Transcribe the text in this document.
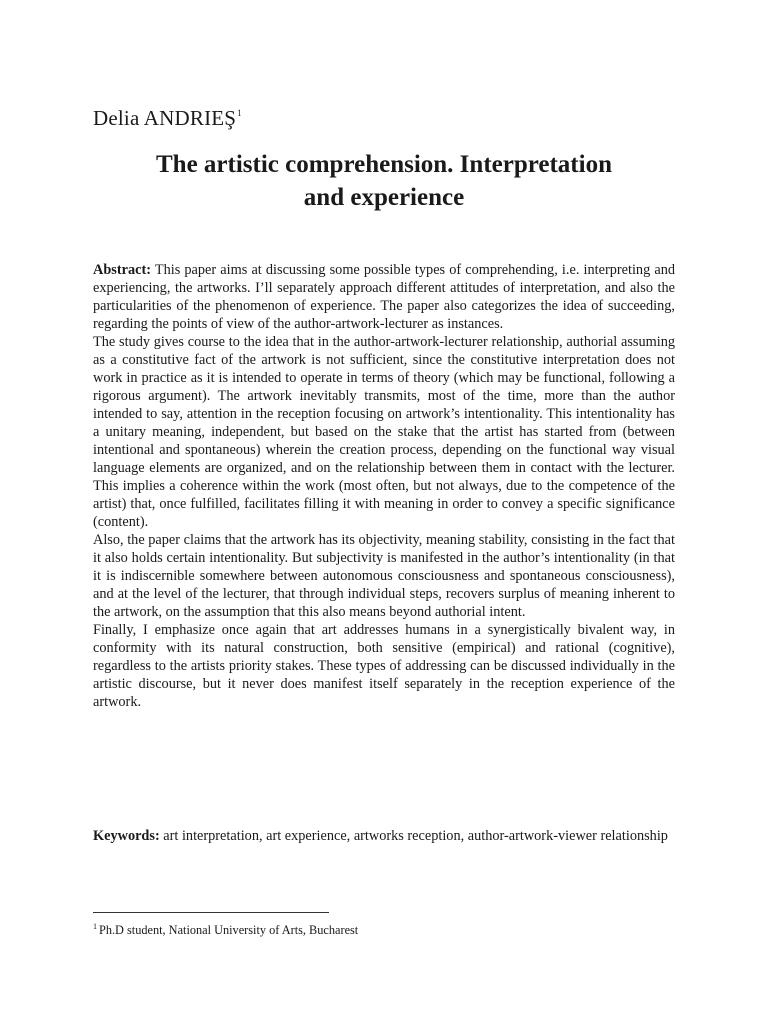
Delia ANDRIEŞ$^1$
The artistic comprehension. Interpretation
and experience

Abstract: This paper aims at discussing some possible types of comprehending, i.e. interpreting and experiencing, the artworks. I’ll separately approach different attitudes of interpretation, and also the particularities of the phenomenon of experience. The paper also categorizes the idea of succeeding, regarding the points of view of the author-artwork-lecturer as instances.

The study gives course to the idea that in the author-artwork-lecturer relationship, authorial assuming as a constitutive fact of the artwork is not sufficient, since the constitutive interpretation does not work in practice as it is intended to operate in terms of theory (which may be functional, following a rigorous argument). The artwork inevitably transmits, most of the time, more than the author intended to say, attention in the reception focusing on artwork’s intentionality. This intentionality has a unitary meaning, independent, but based on the stake that the artist has started from (between intentional and spontaneous) wherein the creation process, depending on the functional way visual language elements are organized, and on the relationship between them in contact with the lecturer. This implies a coherence within the work (most often, but not always, due to the competence of the artist) that, once fulfilled, facilitates filling it with meaning in order to convey a specific significance (content).

Also, the paper claims that the artwork has its objectivity, meaning stability, consisting in the fact that it also holds certain intentionality. But subjectivity is manifested in the author’s intentionality (in that it is indiscernible somewhere between autonomous consciousness and spontaneous consciousness), and at the level of the lecturer, that through individual steps, recovers surplus of meaning inherent to the artwork, on the assumption that this also means beyond authorial intent.

Finally, I emphasize once again that art addresses humans in a synergistically bivalent way, in conformity with its natural construction, both sensitive (empirical) and rational (cognitive), regardless to the artists priority stakes. These types of addressing can be discussed individually in the artistic discourse, but it never does manifest itself separately in the reception experience of the artwork.

Keywords: art interpretation, art experience, artworks reception, author-artwork-viewer relationship
$^1$ Ph.D student, National University of Arts, Bucharest
